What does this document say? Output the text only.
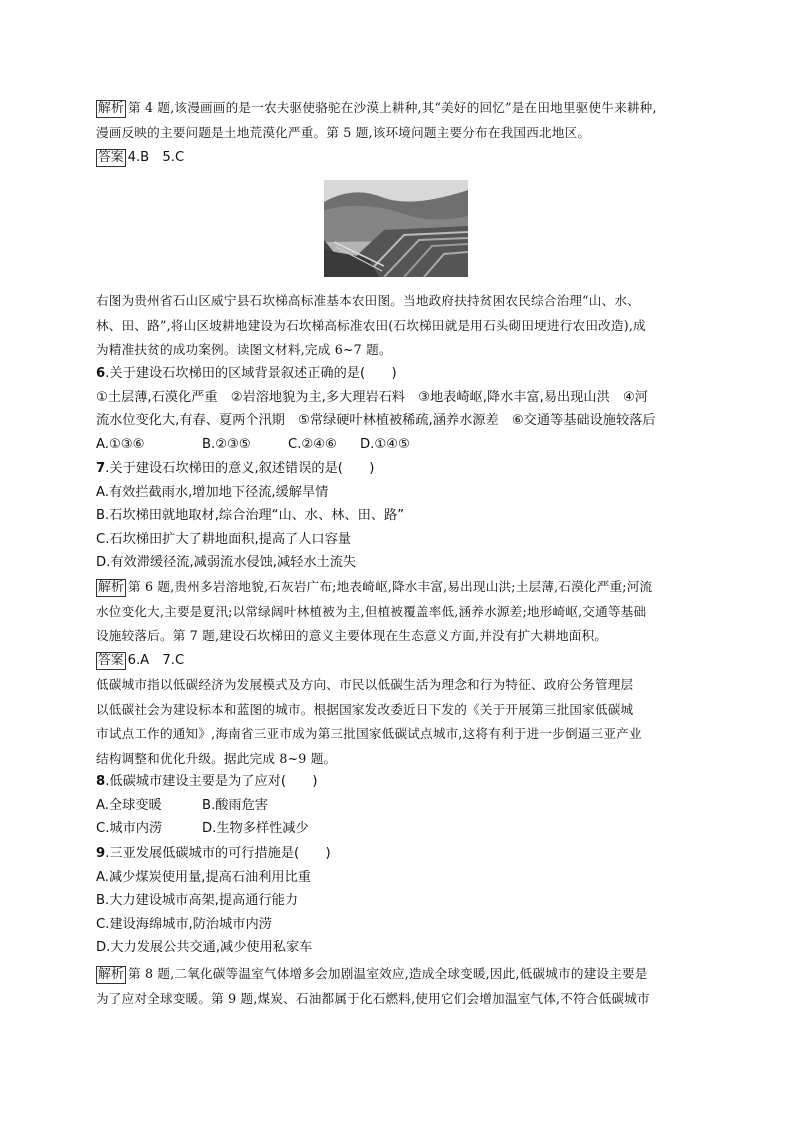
解析 第 4 题,该漫画画的是一农夫驱使骆驼在沙漠上耕种,其“美好的回忆”是在田地里驱使牛来耕种,
漫画反映的主要问题是土地荒漠化严重。第 5 题,该环境问题主要分布在我国西北地区。
答案 4.B　5.C
右图为贵州省石山区威宁县石坎梯高标准基本农田图。当地政府扶持贫困农民综合治理“山、水、
林、田、路”,将山区坡耕地建设为石坎梯高标准农田(石坎梯田就是用石头砌田埂进行农田改造),成
为精准扶贫的成功案例。读图文材料,完成 6~7 题。
6.关于建设石坎梯田的区域背景叙述正确的是(　　)
①土层薄,石漠化严重　②岩溶地貌为主,多大理岩石料　③地表崎岖,降水丰富,易出现山洪　④河
流水位变化大,有春、夏两个汛期　⑤常绿硬叶林植被稀疏,涵养水源差　⑥交通等基础设施较落后
A.①③⑥	B.②③⑤	C.②④⑥ D.①④⑤
7.关于建设石坎梯田的意义,叙述错误的是(　　)
A.有效拦截雨水,增加地下径流,缓解旱情
B.石坎梯田就地取材,综合治理“山、水、林、田、路”
C.石坎梯田扩大了耕地面积,提高了人口容量
D.有效滞缓径流,减弱流水侵蚀,减轻水土流失
解析 第 6 题,贵州多岩溶地貌,石灰岩广布;地表崎岖,降水丰富,易出现山洪;土层薄,石漠化严重;河流
水位变化大,主要是夏汛;以常绿阔叶林植被为主,但植被覆盖率低,涵养水源差;地形崎岖,交通等基础
设施较落后。第 7 题,建设石坎梯田的意义主要体现在生态意义方面,并没有扩大耕地面积。
答案 6.A　7.C
低碳城市指以低碳经济为发展模式及方向、市民以低碳生活为理念和行为特征、政府公务管理层
以低碳社会为建设标本和蓝图的城市。根据国家发改委近日下发的《关于开展第三批国家低碳城
市试点工作的通知》,海南省三亚市成为第三批国家低碳试点城市,这将有利于进一步倒逼三亚产业
结构调整和优化升级。据此完成 8~9 题。
8.低碳城市建设主要是为了应对(　　)
A.全球变暖	B.酸雨危害
C.城市内涝	D.生物多样性减少
9.三亚发展低碳城市的可行措施是(　　)
A.减少煤炭使用量,提高石油利用比重
B.大力建设城市高架,提高通行能力
C.建设海绵城市,防治城市内涝
D.大力发展公共交通,减少使用私家车
解析 第 8 题,二氧化碳等温室气体增多会加剧温室效应,造成全球变暖,因此,低碳城市的建设主要是
为了应对全球变暖。第 9 题,煤炭、石油都属于化石燃料,使用它们会增加温室气体,不符合低碳城市
